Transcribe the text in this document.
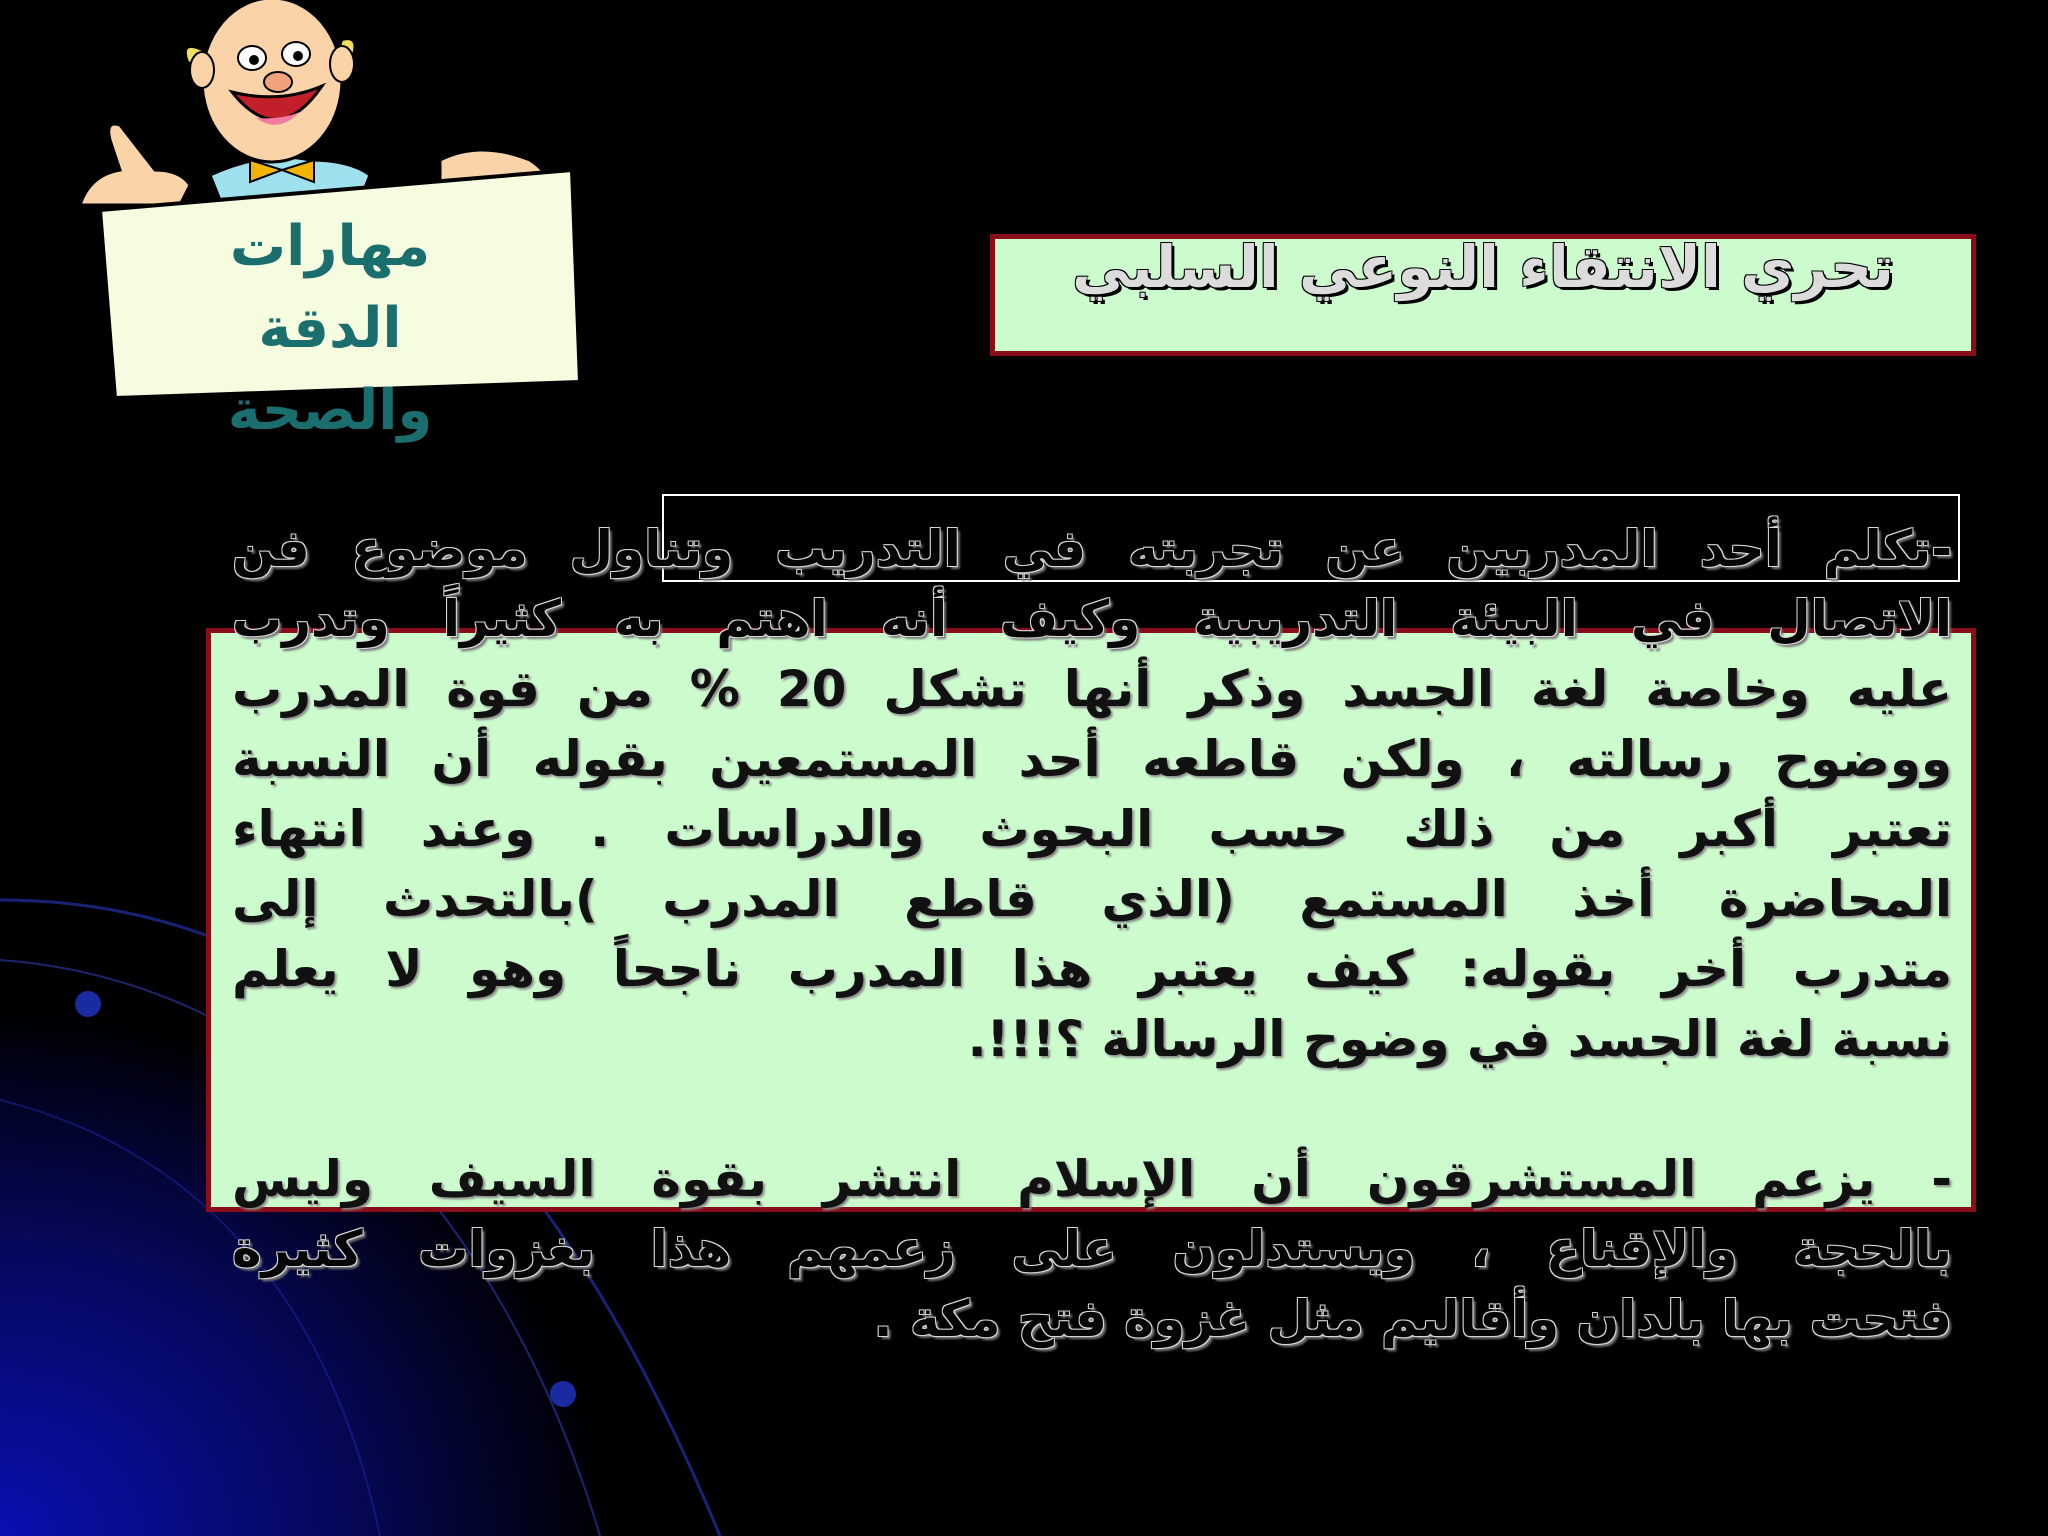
مهارات
الدقة
والصحة
تحري الانتقاء النوعي السلبي
-تكلم أحد المدربين عن تجربته في التدريب وتناول موضوع فن
الاتصال في البيئة التدريبية وكيف أنه اهتم به كثيراً وتدرب
عليه وخاصة لغة الجسد وذكر أنها تشكل 20 % من قوة المدرب
ووضوح رسالته ، ولكن قاطعه أحد المستمعين بقوله أن النسبة
تعتبر أكبر من ذلك حسب البحوث والدراسات . وعند انتهاء
المحاضرة أخذ المستمع (الذي قاطع المدرب )بالتحدث إلى
متدرب أخر بقوله: كيف يعتبر هذا المدرب ناجحاً وهو لا يعلم
نسبة لغة الجسد في وضوح الرسالة ؟!!!.
- يزعم المستشرقون أن الإسلام انتشر بقوة السيف وليس
بالحجة والإقناع ، ويستدلون على زعمهم هذا بغزوات كثيرة
فتحت بها بلدان وأقاليم مثل غزوة فتح مكة .
